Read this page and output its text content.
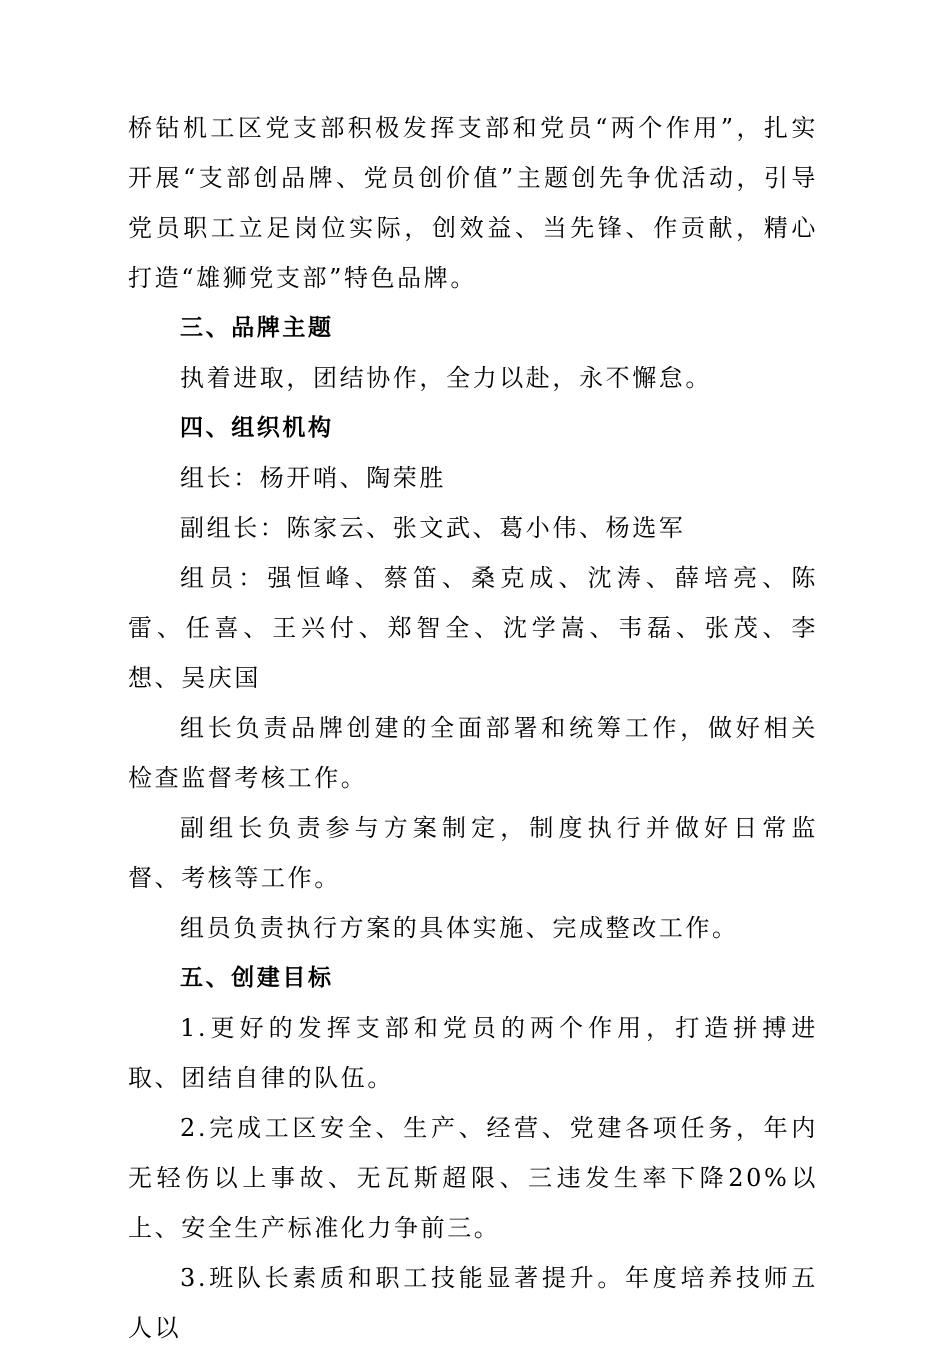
桥钻机工区党支部积极发挥支部和党员“两个作用”，扎实开展“支部创品牌、党员创价值”主题创先争优活动，引导党员职工立足岗位实际，创效益、当先锋、作贡献，精心打造“雄狮党支部”特色品牌。

三、品牌主题

执着进取，团结协作，全力以赴，永不懈怠。

四、组织机构

组长：杨开哨、陶荣胜

副组长：陈家云、张文武、葛小伟、杨选军

组员：强恒峰、蔡笛、桑克成、沈涛、薛培亮、陈雷、任喜、王兴付、郑智全、沈学嵩、韦磊、张茂、李想、吴庆国

组长负责品牌创建的全面部署和统筹工作，做好相关检查监督考核工作。

副组长负责参与方案制定，制度执行并做好日常监督、考核等工作。

组员负责执行方案的具体实施、完成整改工作。

五、创建目标

1.更好的发挥支部和党员的两个作用，打造拼搏进取、团结自律的队伍。

2.完成工区安全、生产、经营、党建各项任务，年内无轻伤以上事故、无瓦斯超限、三违发生率下降20%以上、安全生产标准化力争前三。

3.班队长素质和职工技能显著提升。年度培养技师五人以
